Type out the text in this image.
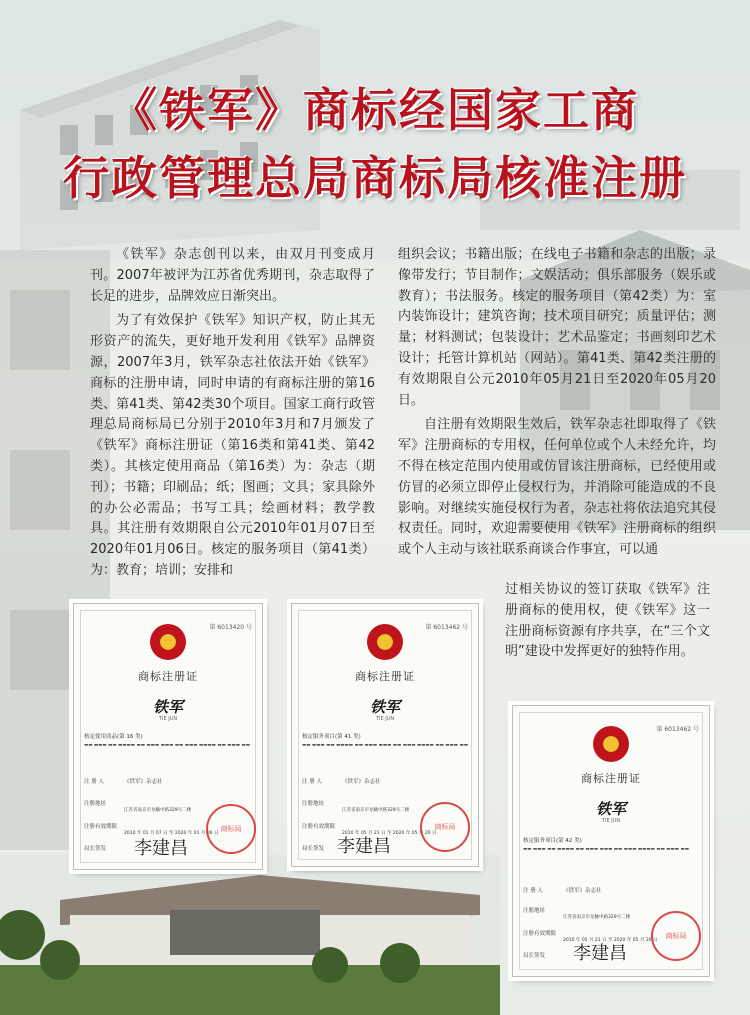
《铁军》商标经国家工商
行政管理总局商标局核准注册

《铁军》杂志创刊以来，由双月刊变成月刊。2007年被评为江苏省优秀期刊，杂志取得了长足的进步，品牌效应日渐突出。

为了有效保护《铁军》知识产权，防止其无形资产的流失，更好地开发利用《铁军》品牌资源，2007年3月，铁军杂志社依法开始《铁军》商标的注册申请，同时申请的有商标注册的第16类、第41类、第42类30个项目。国家工商行政管理总局商标局已分别于2010年3月和7月颁发了《铁军》商标注册证（第16类和第41类、第42类）。其核定使用商品（第16类）为：杂志（期刊）；书籍；印刷品；纸；图画；文具；家具除外的办公必需品；书写工具；绘画材料；教学教具。其注册有效期限自公元2010年01月07日至2020年01月06日。核定的服务项目（第41类）为：教育；培训；安排和

组织会议；书籍出版；在线电子书籍和杂志的出版；录像带发行；节目制作；文娱活动；俱乐部服务（娱乐或教育）；书法服务。核定的服务项目（第42类）为：室内装饰设计；建筑咨询；技术项目研究；质量评估；测量；材料测试；包装设计；艺术品鉴定；书画刻印艺术设计；托管计算机站（网站）。第41类、第42类注册的有效期限自公元2010年05月21日至2020年05月20日。

自注册有效期限生效后，铁军杂志社即取得了《铁军》注册商标的专用权，任何单位或个人未经允许，均不得在核定范围内使用或仿冒该注册商标，已经使用或仿冒的必须立即停止侵权行为，并消除可能造成的不良影响。对继续实施侵权行为者，杂志社将依法追究其侵权责任。同时，欢迎需要使用《铁军》注册商标的组织或个人主动与该社联系商谈合作事宜，可以通

过相关协议的签订获取《铁军》注册商标的使用权，使《铁军》这一注册商标资源有序共享，在“三个文明”建设中发挥更好的独特作用。

第 6013420 号
商标注册证
铁军
TIE JUN
核定使用商品(第 16 类)
▬▬ ▬▬▬ ▬▬ ▬▬▬▬ ▬▬ ▬▬▬ ▬▬▬ ▬▬ ▬▬▬ ▬▬▬▬ ▬▬ ▬▬▬ ▬▬
注 册 人	《铁军》杂志社
注册地址
江苏省南京市龙蟠中路329号二楼
注册有效期限
2010 年 01 月 07 日 至 2020 年 01 月 06 日
局长签发 李建昌
商标局
第 6013462 号
商标注册证
铁军
TIE JUN
核定服务项目(第 41 类)
▬▬ ▬▬▬ ▬▬ ▬▬▬▬ ▬▬ ▬▬▬ ▬▬▬ ▬▬ ▬▬▬ ▬▬▬▬ ▬▬ ▬▬▬ ▬▬
注 册 人	《铁军》杂志社
注册地址
江苏省南京市龙蟠中路329号二楼
注册有效期限
2010 年 05 月 21 日 至 2020 年 05 月 20 日
局长签发 李建昌
商标局
第 6013462 号
商标注册证
铁军
TIE JUN
核定服务项目(第 42 类)
▬▬ ▬▬▬ ▬▬ ▬▬▬▬ ▬▬ ▬▬▬ ▬▬▬ ▬▬ ▬▬▬ ▬▬▬▬ ▬▬ ▬▬▬ ▬▬
注 册 人	《铁军》杂志社
注册地址
江苏省南京市龙蟠中路329号二楼
注册有效期限
2010 年 05 月 21 日 至 2020 年 05 月 20 日
局长签发 李建昌
商标局
